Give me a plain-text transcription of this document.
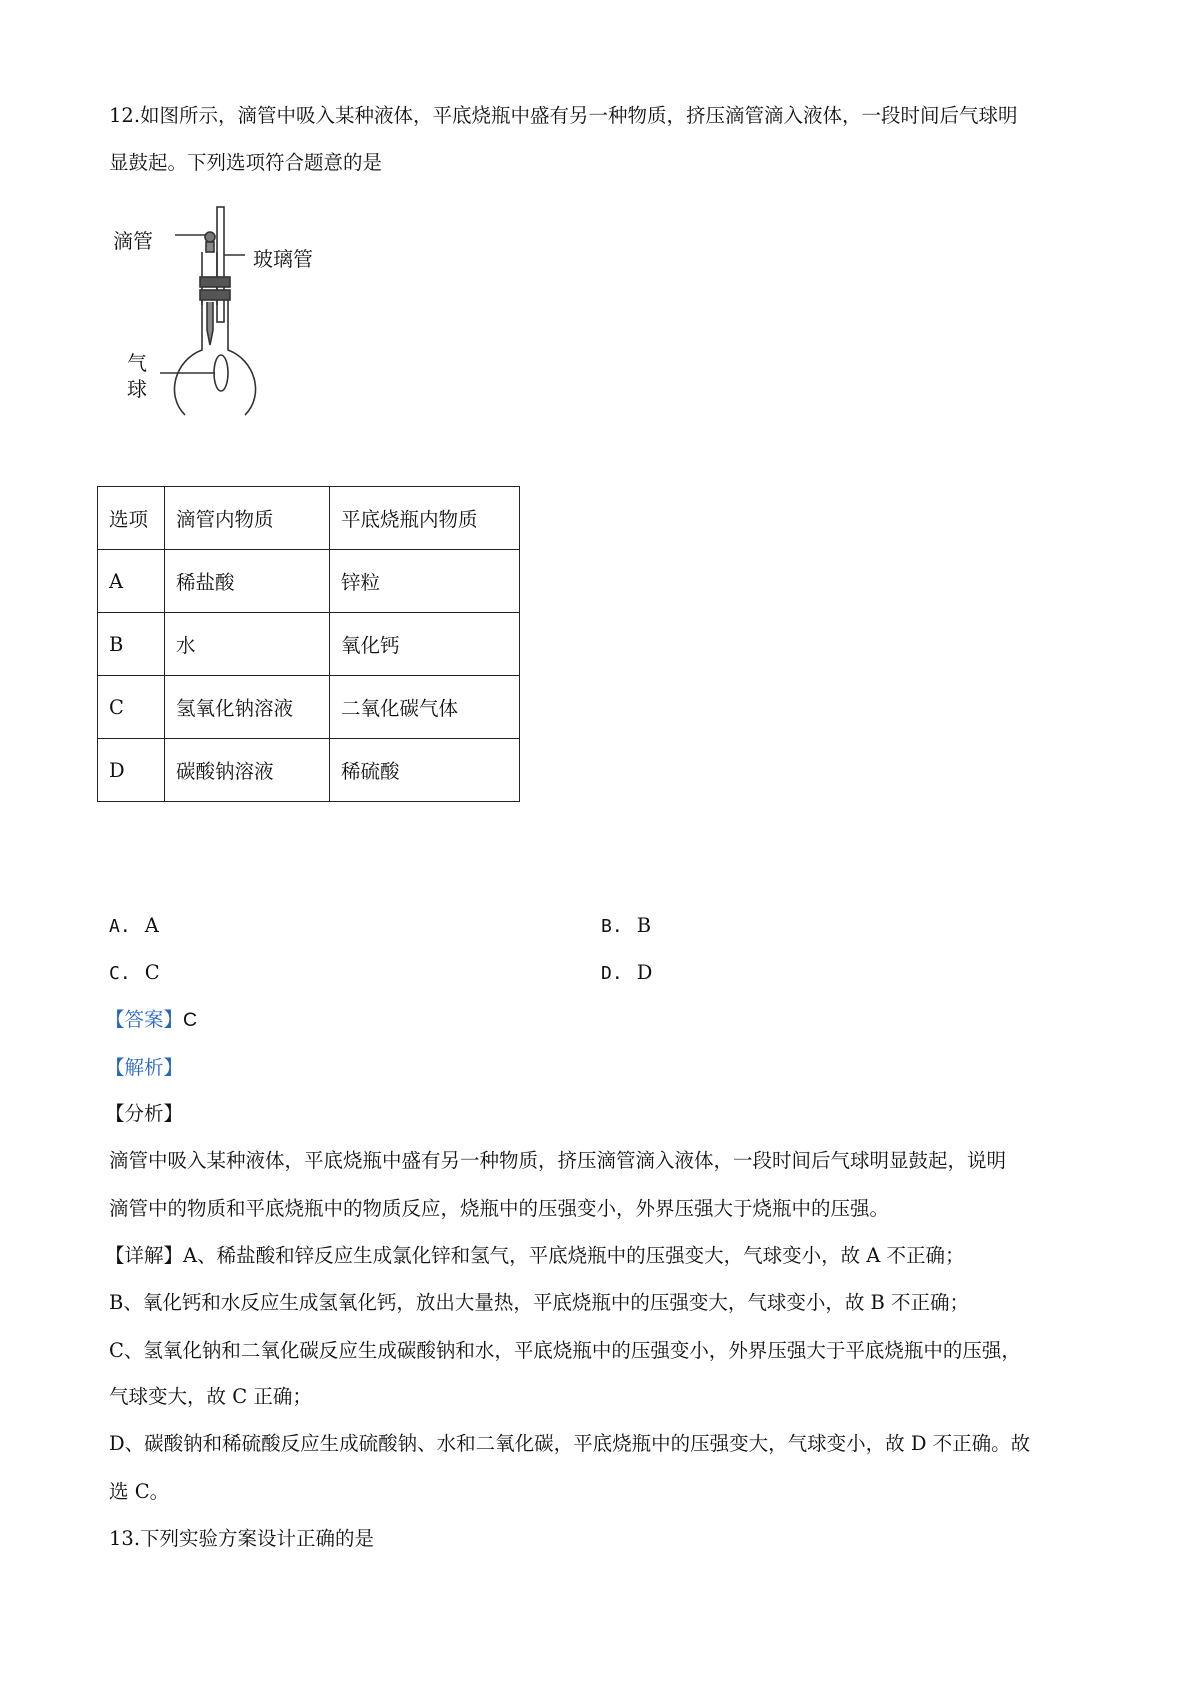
12.如图所示，滴管中吸入某种液体，平底烧瓶中盛有另一种物质，挤压滴管滴入液体，一段时间后气球明
显鼓起。下列选项符合题意的是
滴管
玻璃管
气
球
选项	滴管内物质	平底烧瓶内物质
A	稀盐酸	锌粒
B	水	氧化钙
C	氢氧化钠溶液	二氧化碳气体
D	碳酸钠溶液	稀硫酸
A. A	B. B
C. C	D. D
【答案】C
【解析】
【分析】
滴管中吸入某种液体，平底烧瓶中盛有另一种物质，挤压滴管滴入液体，一段时间后气球明显鼓起，说明
滴管中的物质和平底烧瓶中的物质反应，烧瓶中的压强变小，外界压强大于烧瓶中的压强。
【详解】A、稀盐酸和锌反应生成氯化锌和氢气，平底烧瓶中的压强变大，气球变小，故 A 不正确；
B、氧化钙和水反应生成氢氧化钙，放出大量热，平底烧瓶中的压强变大，气球变小，故 B 不正确；
C、氢氧化钠和二氧化碳反应生成碳酸钠和水，平底烧瓶中的压强变小，外界压强大于平底烧瓶中的压强，
气球变大，故 C 正确；
D、碳酸钠和稀硫酸反应生成硫酸钠、水和二氧化碳，平底烧瓶中的压强变大，气球变小，故 D 不正确。故
选 C。
13.下列实验方案设计正确的是
